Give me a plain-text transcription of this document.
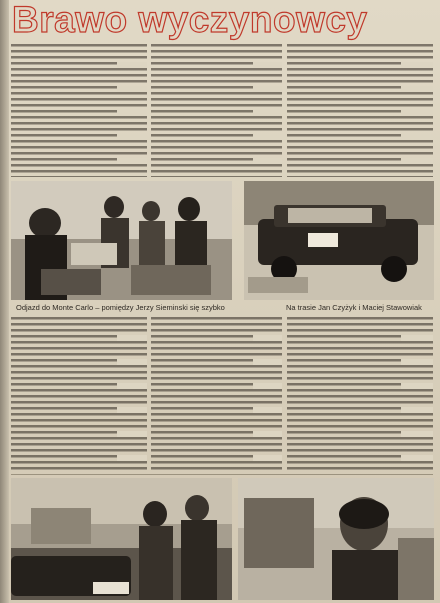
Brawo wyczynowcy

Odjazd do Monte Carlo – pomiędzy Jerzy Sieminski się szybko	Na trasie Jan Czyżyk i Maciej Stawowiak
